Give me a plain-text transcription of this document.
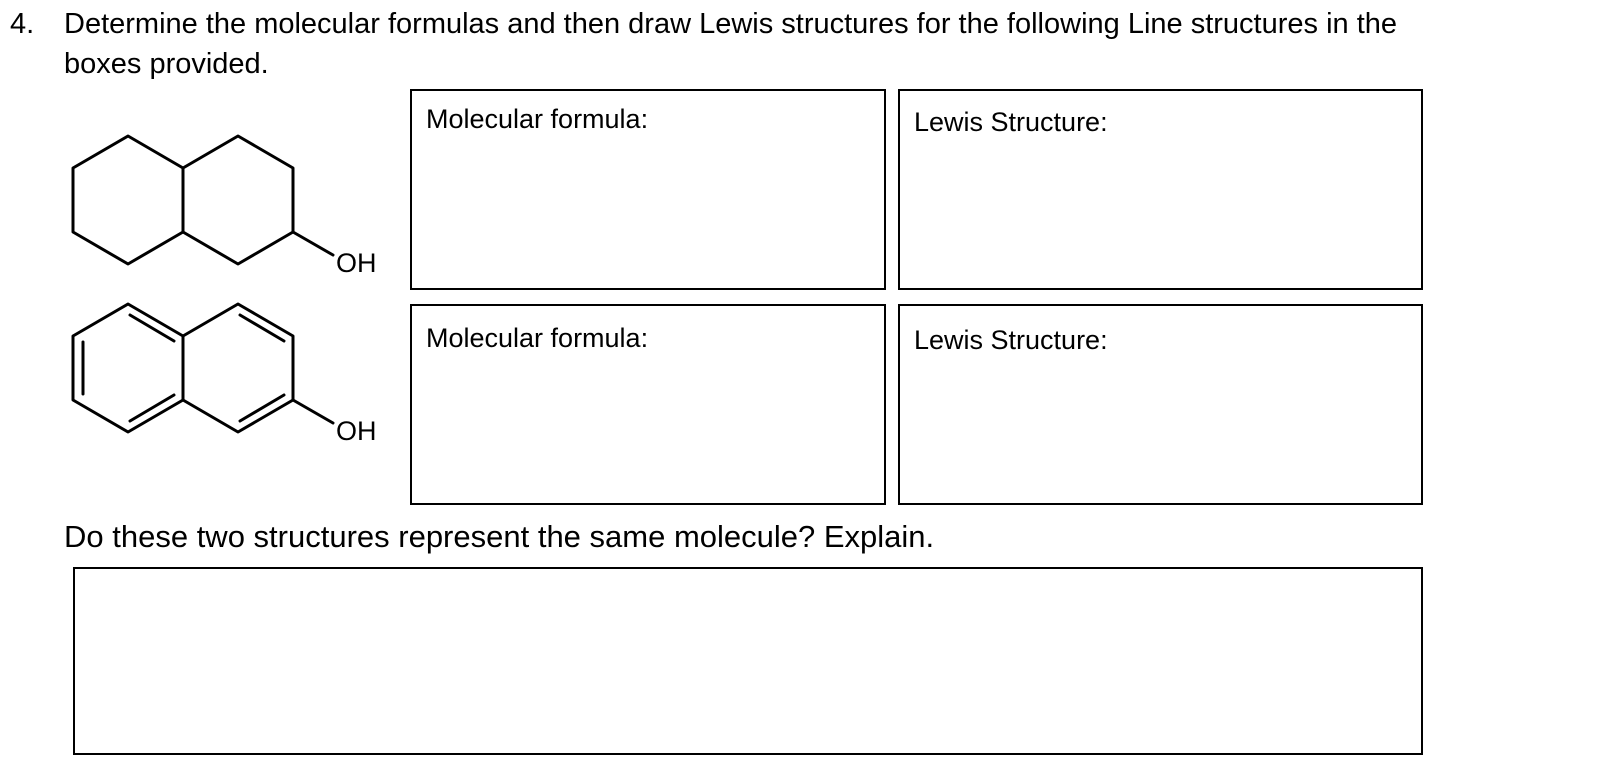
4. Determine the molecular formulas and then draw Lewis structures for the following Line structures in the
boxes provided.
OH
OH
Molecular formula:	Lewis Structure:
Molecular formula:	Lewis Structure:
Do these two structures represent the same molecule? Explain.
